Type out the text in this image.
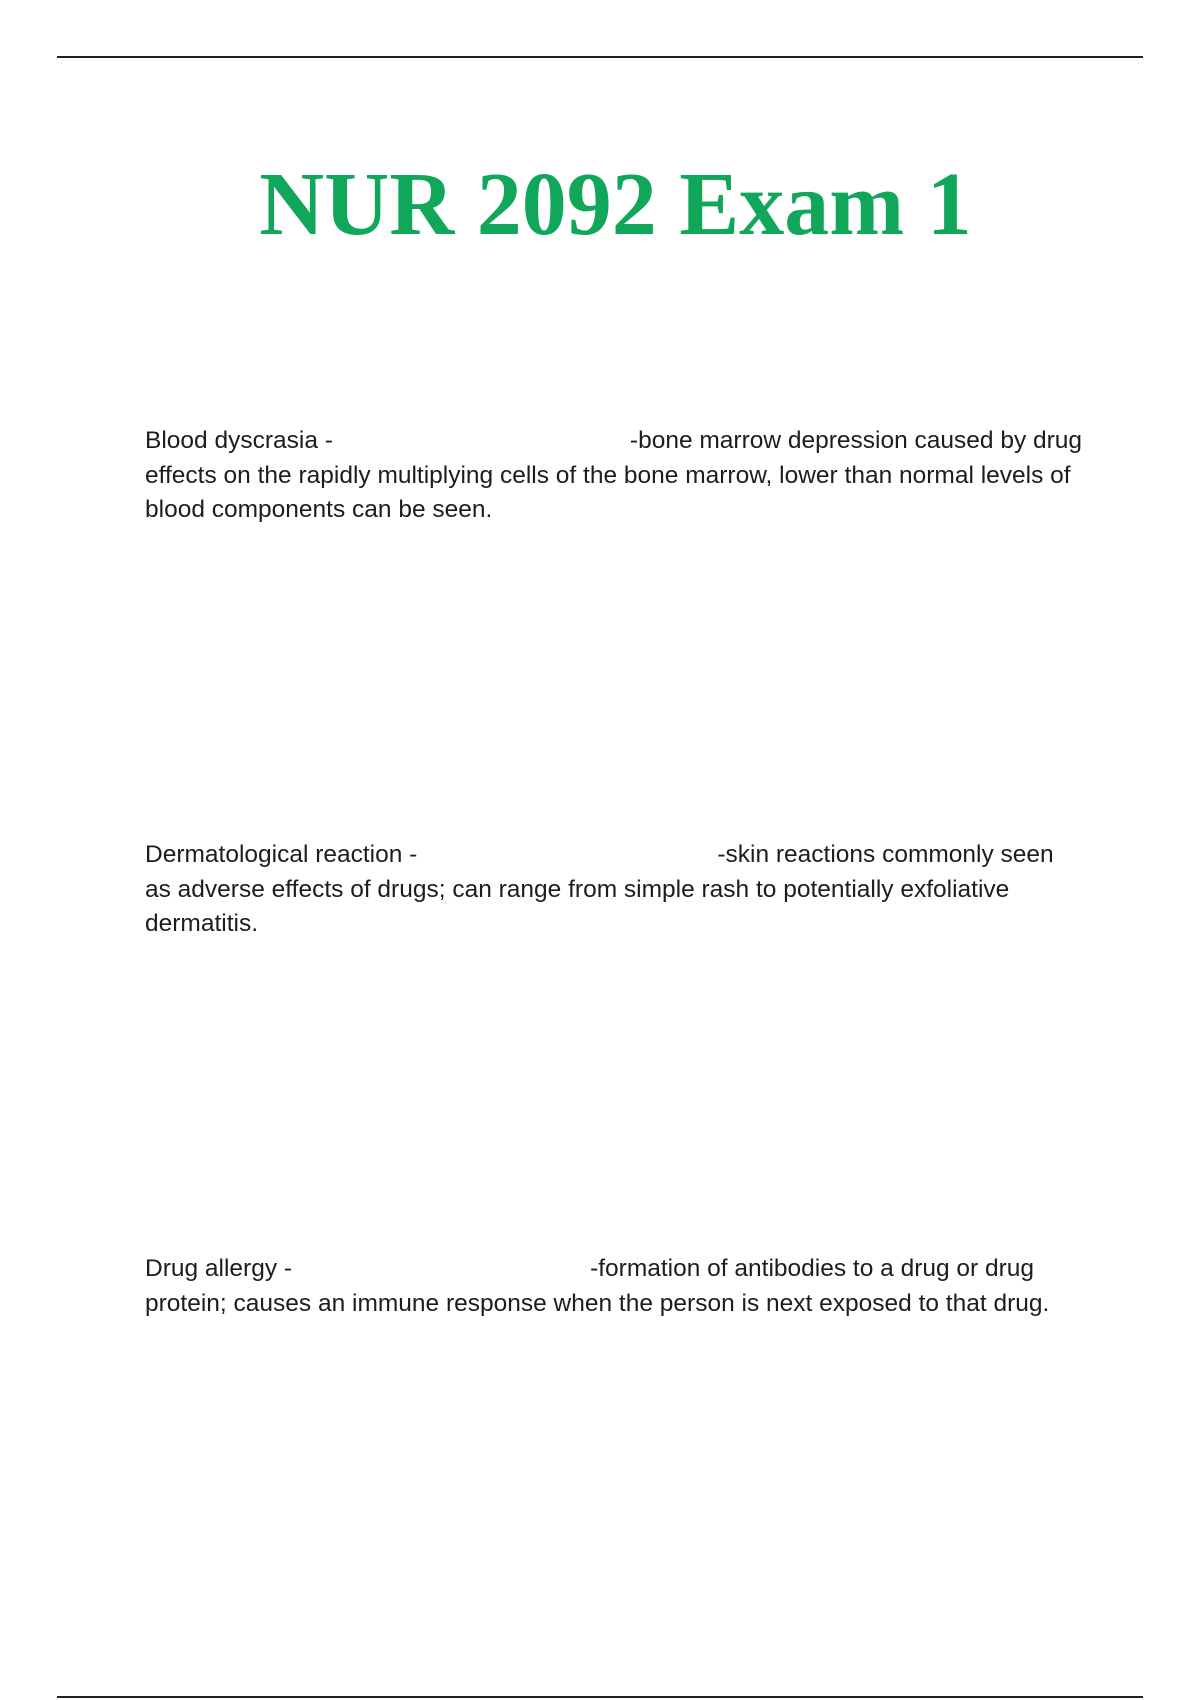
NUR 2092 Exam 1

Blood dyscrasia -	-bone marrow depression caused by drug effects on the rapidly multiplying cells of the bone marrow, lower than normal levels of blood components can be seen.

Dermatological reaction -	-skin reactions commonly seen as adverse effects of drugs; can range from simple rash to potentially exfoliative dermatitis.

Drug allergy -	-formation of antibodies to a drug or drug protein; causes an immune response when the person is next exposed to that drug.
